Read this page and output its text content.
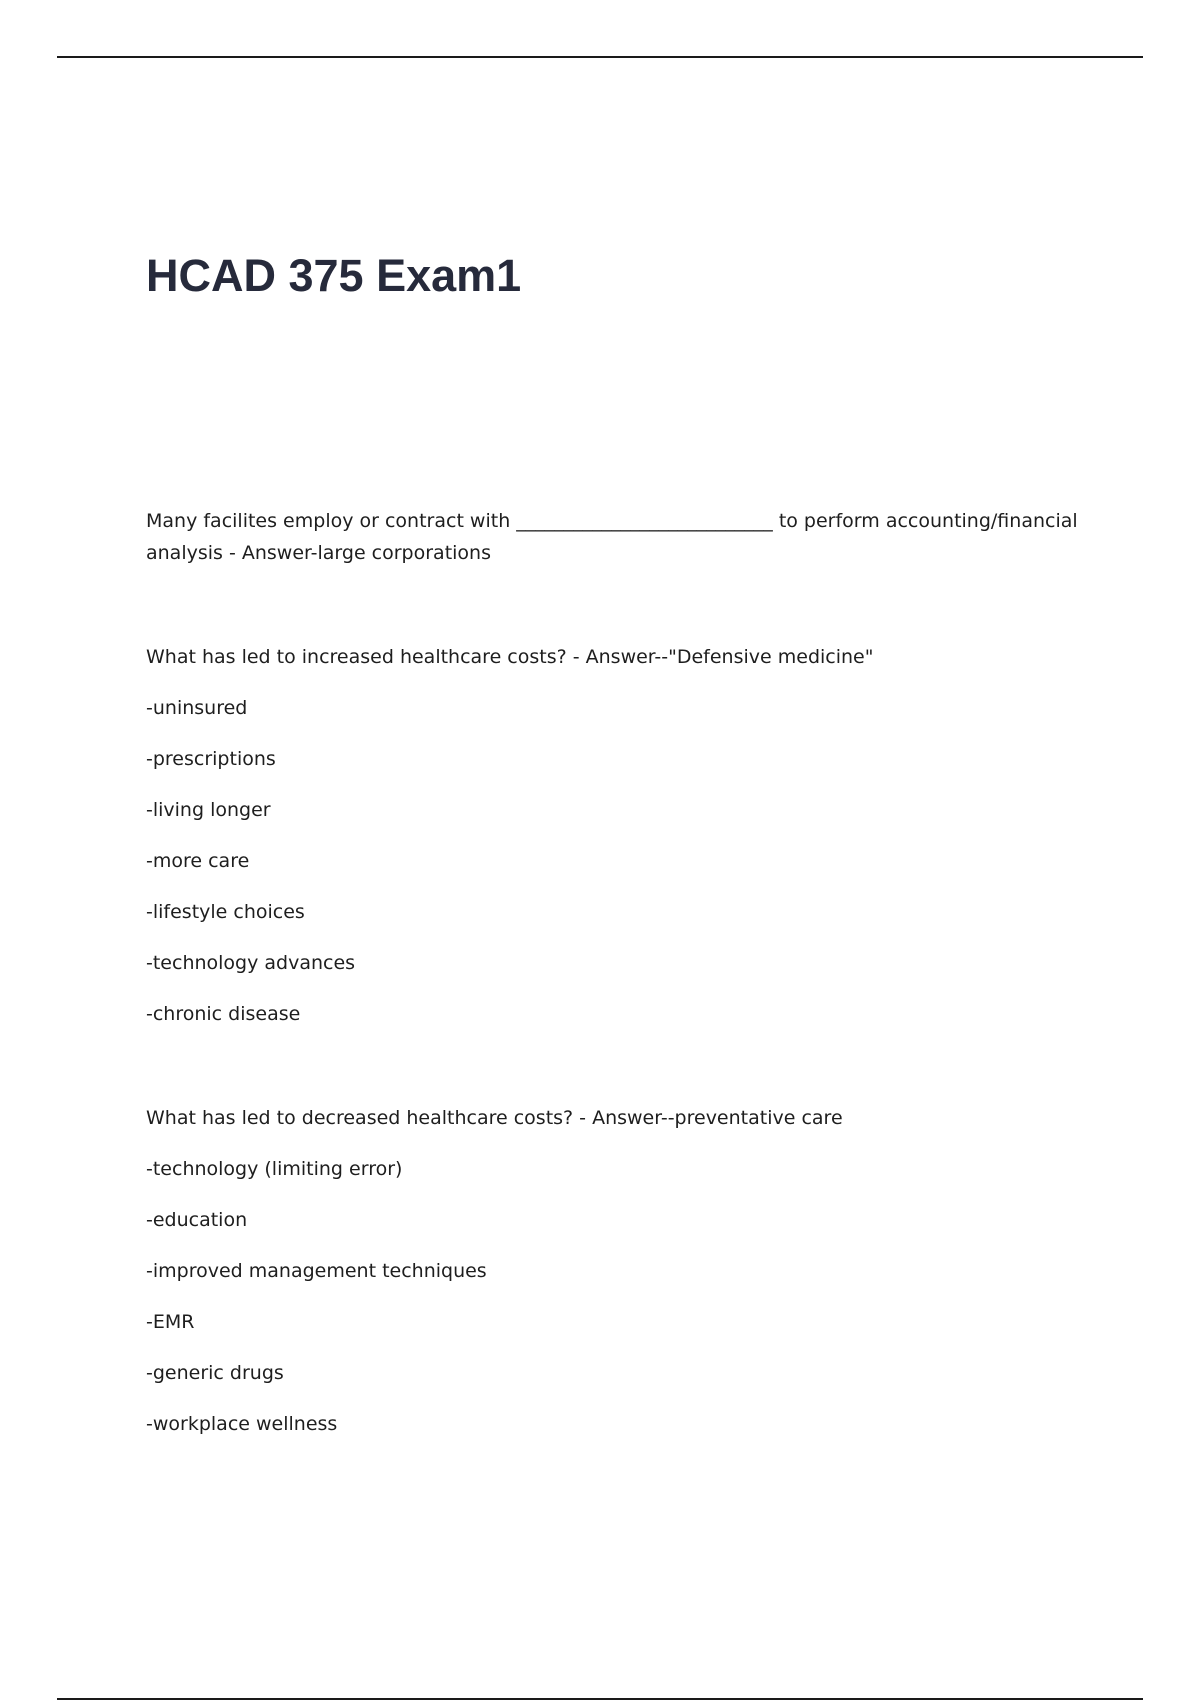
HCAD 375 Exam1

Many facilites employ or contract with ___________________________ to perform accounting/financial analysis - Answer-large corporations

What has led to increased healthcare costs? - Answer--"Defensive medicine"

-uninsured
-prescriptions
-living longer
-more care
-lifestyle choices
-technology advances
-chronic disease

What has led to decreased healthcare costs? - Answer--preventative care

-technology (limiting error)
-education
-improved management techniques
-EMR
-generic drugs
-workplace wellness
